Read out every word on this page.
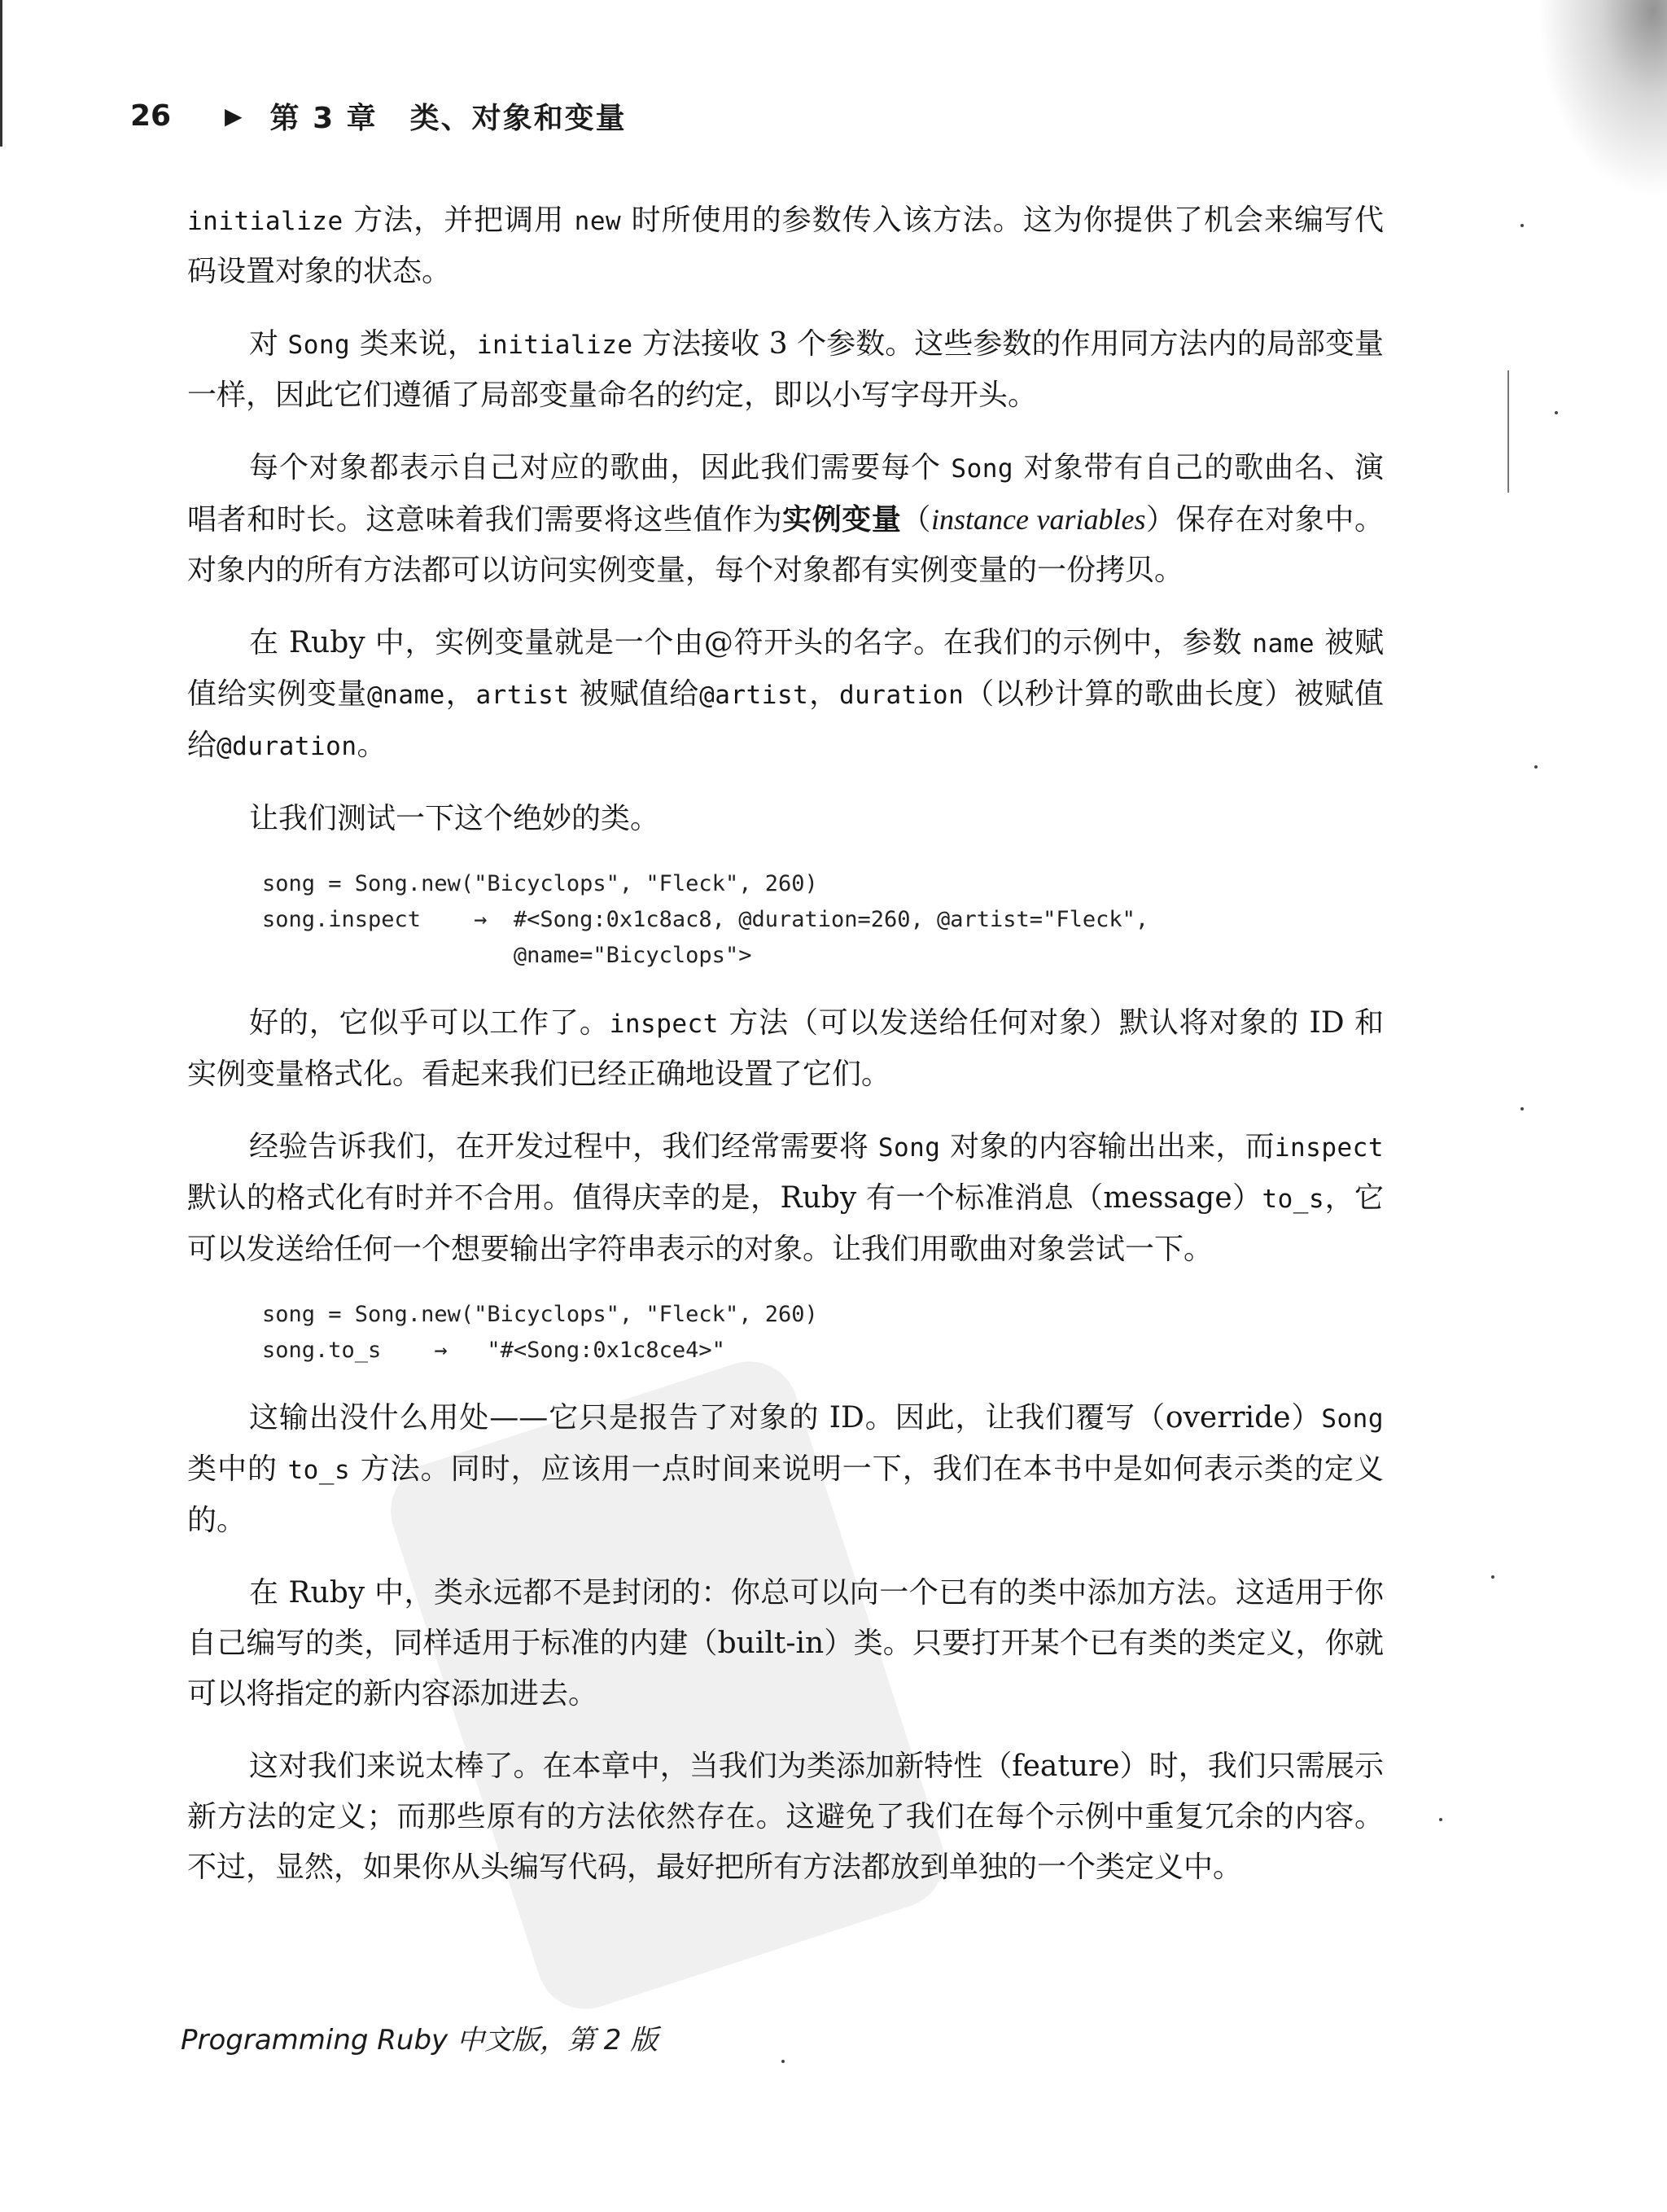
26	▶ 第 3 章 类、对象和变量

initialize 方法，并把调用 new 时所使用的参数传入该方法。这为你提供了机会来编写代码设置对象的状态。

对 Song 类来说，initialize 方法接收 3 个参数。这些参数的作用同方法内的局部变量一样，因此它们遵循了局部变量命名的约定，即以小写字母开头。

每个对象都表示自己对应的歌曲，因此我们需要每个 Song 对象带有自己的歌曲名、演唱者和时长。这意味着我们需要将这些值作为实例变量（instance variables）保存在对象中。对象内的所有方法都可以访问实例变量，每个对象都有实例变量的一份拷贝。

在 Ruby 中，实例变量就是一个由@符开头的名字。在我们的示例中，参数 name 被赋值给实例变量@name，artist 被赋值给@artist，duration（以秒计算的歌曲长度）被赋值给@duration。

让我们测试一下这个绝妙的类。

song = Song.new("Bicyclops", "Fleck", 260)
song.inspect    →  #<Song:0x1c8ac8, @duration=260, @artist="Fleck",
@name="Bicyclops">

好的，它似乎可以工作了。inspect 方法（可以发送给任何对象）默认将对象的 ID 和实例变量格式化。看起来我们已经正确地设置了它们。

经验告诉我们，在开发过程中，我们经常需要将 Song 对象的内容输出出来，而inspect 默认的格式化有时并不合用。值得庆幸的是，Ruby 有一个标准消息（message）to_s，它可以发送给任何一个想要输出字符串表示的对象。让我们用歌曲对象尝试一下。

song = Song.new("Bicyclops", "Fleck", 260)
song.to_s    →   "#<Song:0x1c8ce4>"

这输出没什么用处——它只是报告了对象的 ID。因此，让我们覆写（override）Song类中的 to_s 方法。同时，应该用一点时间来说明一下，我们在本书中是如何表示类的定义的。

在 Ruby 中，类永远都不是封闭的：你总可以向一个已有的类中添加方法。这适用于你自己编写的类，同样适用于标准的内建（built-in）类。只要打开某个已有类的类定义，你就可以将指定的新内容添加进去。

这对我们来说太棒了。在本章中，当我们为类添加新特性（feature）时，我们只需展示新方法的定义；而那些原有的方法依然存在。这避免了我们在每个示例中重复冗余的内容。不过，显然，如果你从头编写代码，最好把所有方法都放到单独的一个类定义中。

Programming Ruby 中文版，第 2 版
